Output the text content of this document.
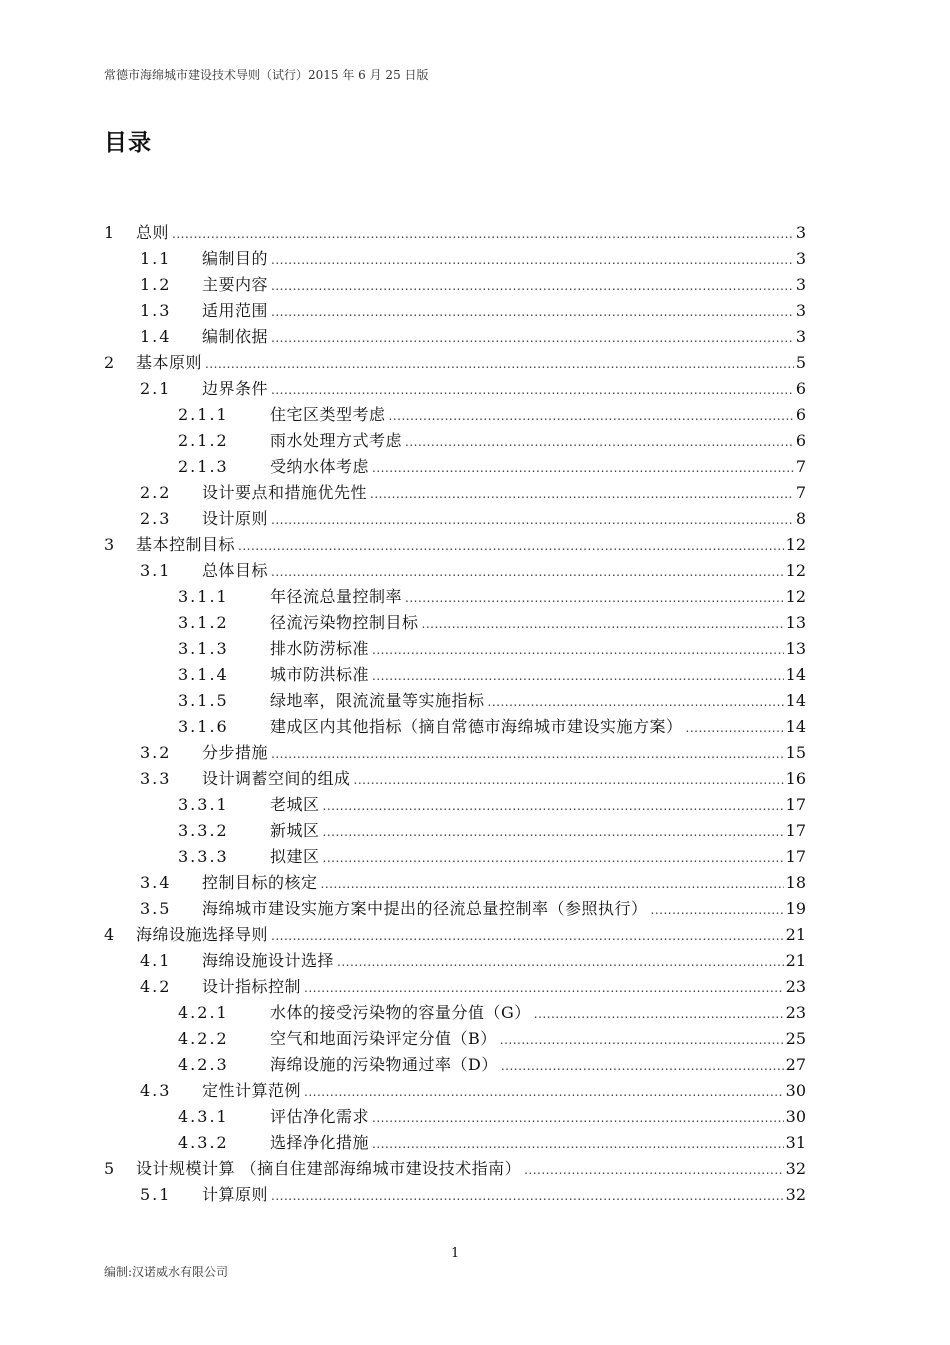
常德市海绵城市建设技术导则（试行）2015 年 6 月 25 日版
目录
1	总则 .....	3
1.1	编制目的 .....	3
1.2	主要内容 .....	3
1.3	适用范围 .....	3
1.4	编制依据 .....	3
2	基本原则 .....	5
2.1	边界条件 .....	6
2.1.1	住宅区类型考虑 .....	6
2.1.2	雨水处理方式考虑 .....	6
2.1.3	受纳水体考虑 .....	7
2.2	设计要点和措施优先性 .....	7
2.3	设计原则 .....	8
3	基本控制目标 .....	12
3.1	总体目标 .....	12
3.1.1	年径流总量控制率 .....	12
3.1.2	径流污染物控制目标 .....	13
3.1.3	排水防涝标准 .....	13
3.1.4	城市防洪标准 .....	14
3.1.5	绿地率，限流流量等实施指标 .....	14
3.1.6	建成区内其他指标（摘自常德市海绵城市建设实施方案） .....	14
3.2	分步措施 .....	15
3.3	设计调蓄空间的组成 .....	16
3.3.1	老城区 .....	17
3.3.2	新城区 .....	17
3.3.3	拟建区 .....	17
3.4	控制目标的核定 .....	18
3.5	海绵城市建设实施方案中提出的径流总量控制率（参照执行） .....	19
4	海绵设施选择导则 .....	21
4.1	海绵设施设计选择 .....	21
4.2	设计指标控制 .....	23
4.2.1	水体的接受污染物的容量分值（G） .....	23
4.2.2	空气和地面污染评定分值（B） .....	25
4.2.3	海绵设施的污染物通过率（D） .....	27
4.3	定性计算范例 .....	30
4.3.1	评估净化需求 .....	30
4.3.2	选择净化措施 .....	31
5	设计规模计算 （摘自住建部海绵城市建设技术指南） .....	32
5.1	计算原则 .....	32
1
编制:汉诺威水有限公司
